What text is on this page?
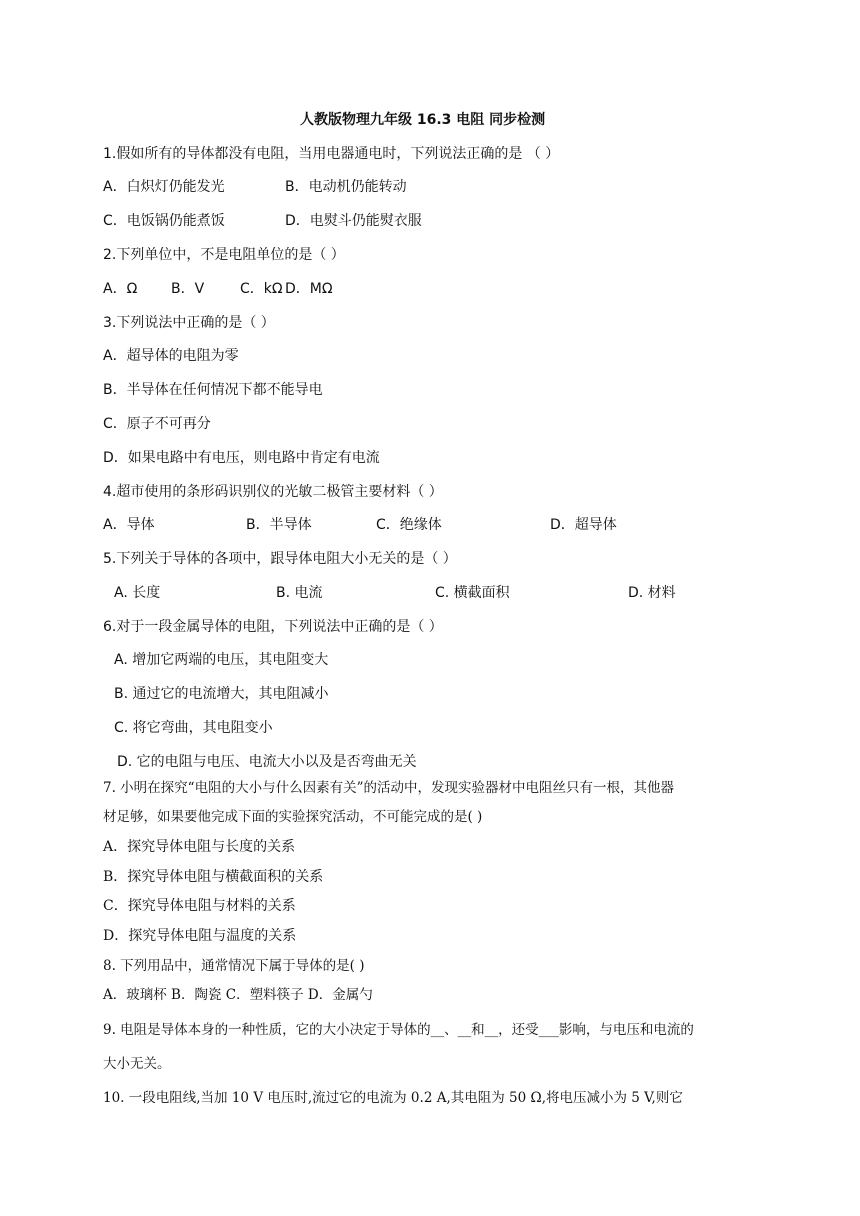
人教版物理九年级 16.3 电阻 同步检测
1.假如所有的导体都没有电阻，当用电器通电时，下列说法正确的是 （ ）
A．白炽灯仍能发光	B．电动机仍能转动
C．电饭锅仍能煮饭	D．电熨斗仍能熨衣服
2.下列单位中，不是电阻单位的是（ ）
A．Ω B．V	C．kΩ D．MΩ
3.下列说法中正确的是（ ）
A．超导体的电阻为零
B．半导体在任何情况下都不能导电
C．原子不可再分
D．如果电路中有电压，则电路中肯定有电流
4.超市使用的条形码识别仪的光敏二极管主要材料（ ）
A．导体	B．半导体	C．绝缘体	D．超导体
5.下列关于导体的各项中，跟导体电阻大小无关的是（ ）
A. 长度	B. 电流	C. 横截面积	D. 材料
6.对于一段金属导体的电阻，下列说法中正确的是（ ）
A. 增加它两端的电压，其电阻变大
B. 通过它的电流增大，其电阻减小
C. 将它弯曲，其电阻变小
D. 它的电阻与电压、电流大小以及是否弯曲无关
7. 小明在探究“电阻的大小与什么因素有关”的活动中，发现实验器材中电阻丝只有一根，其他器
材足够，如果要他完成下面的实验探究活动，不可能完成的是( )
A．探究导体电阻与长度的关系
B．探究导体电阻与横截面积的关系
C．探究导体电阻与材料的关系
D．探究导体电阻与温度的关系
8. 下列用品中，通常情况下属于导体的是( )
A．玻璃杯 B．陶瓷 C．塑料筷子 D．金属勺
9. 电阻是导体本身的一种性质，它的大小决定于导体的__、__和__，还受___影响，与电压和电流的
大小无关。
10. 一段电阻线,当加 10 V 电压时,流过它的电流为 0.2 A,其电阻为 50 Ω,将电压减小为 5 V,则它
